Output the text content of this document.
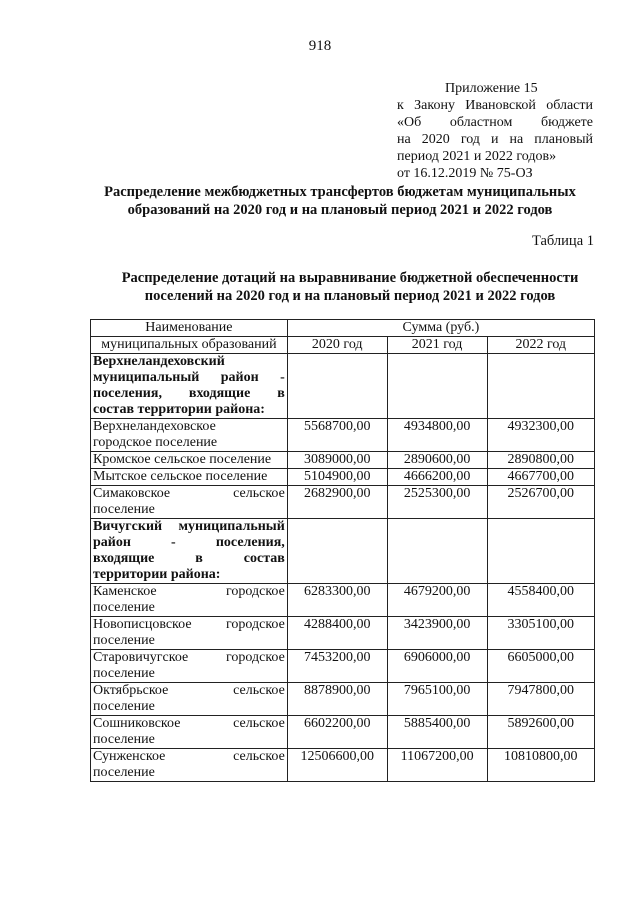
918
Приложение 15
к Закону Ивановской области
«Об областном бюджете
на 2020 год и на плановый
период 2021 и 2022 годов»
от 16.12.2019 № 75-ОЗ
Распределение межбюджетных трансфертов бюджетам муниципальных
образований на 2020 год и на плановый период 2021 и 2022 годов
Таблица 1
Распределение дотаций на выравнивание бюджетной обеспеченности
поселений на 2020 год и на плановый период 2021 и 2022 годов
Наименование	Сумма (руб.)		
муниципальных образований	2020 год	2021 год	2022 год

Верхнеландеховский
муниципальный район -
поселения, входящие в
состав территории района:			

Верхнеландеховское
городское поселение	5568700,00	4934800,00	4932300,00

Кромское сельское поселение	3089000,00	2890600,00	2890800,00

Мытское сельское поселение	5104900,00	4666200,00	4667700,00

Симаковское сельское
поселение	2682900,00	2525300,00	2526700,00

Вичугский муниципальный
район - поселения,
входящие в состав
территории района:			

Каменское городское
поселение	6283300,00	4679200,00	4558400,00

Новописцовское городское
поселение	4288400,00	3423900,00	3305100,00

Старовичугское городское
поселение	7453200,00	6906000,00	6605000,00

Октябрьское сельское
поселение	8878900,00	7965100,00	7947800,00

Сошниковское сельское
поселение	6602200,00	5885400,00	5892600,00

Сунженское сельское
поселение	12506600,00	11067200,00	10810800,00
